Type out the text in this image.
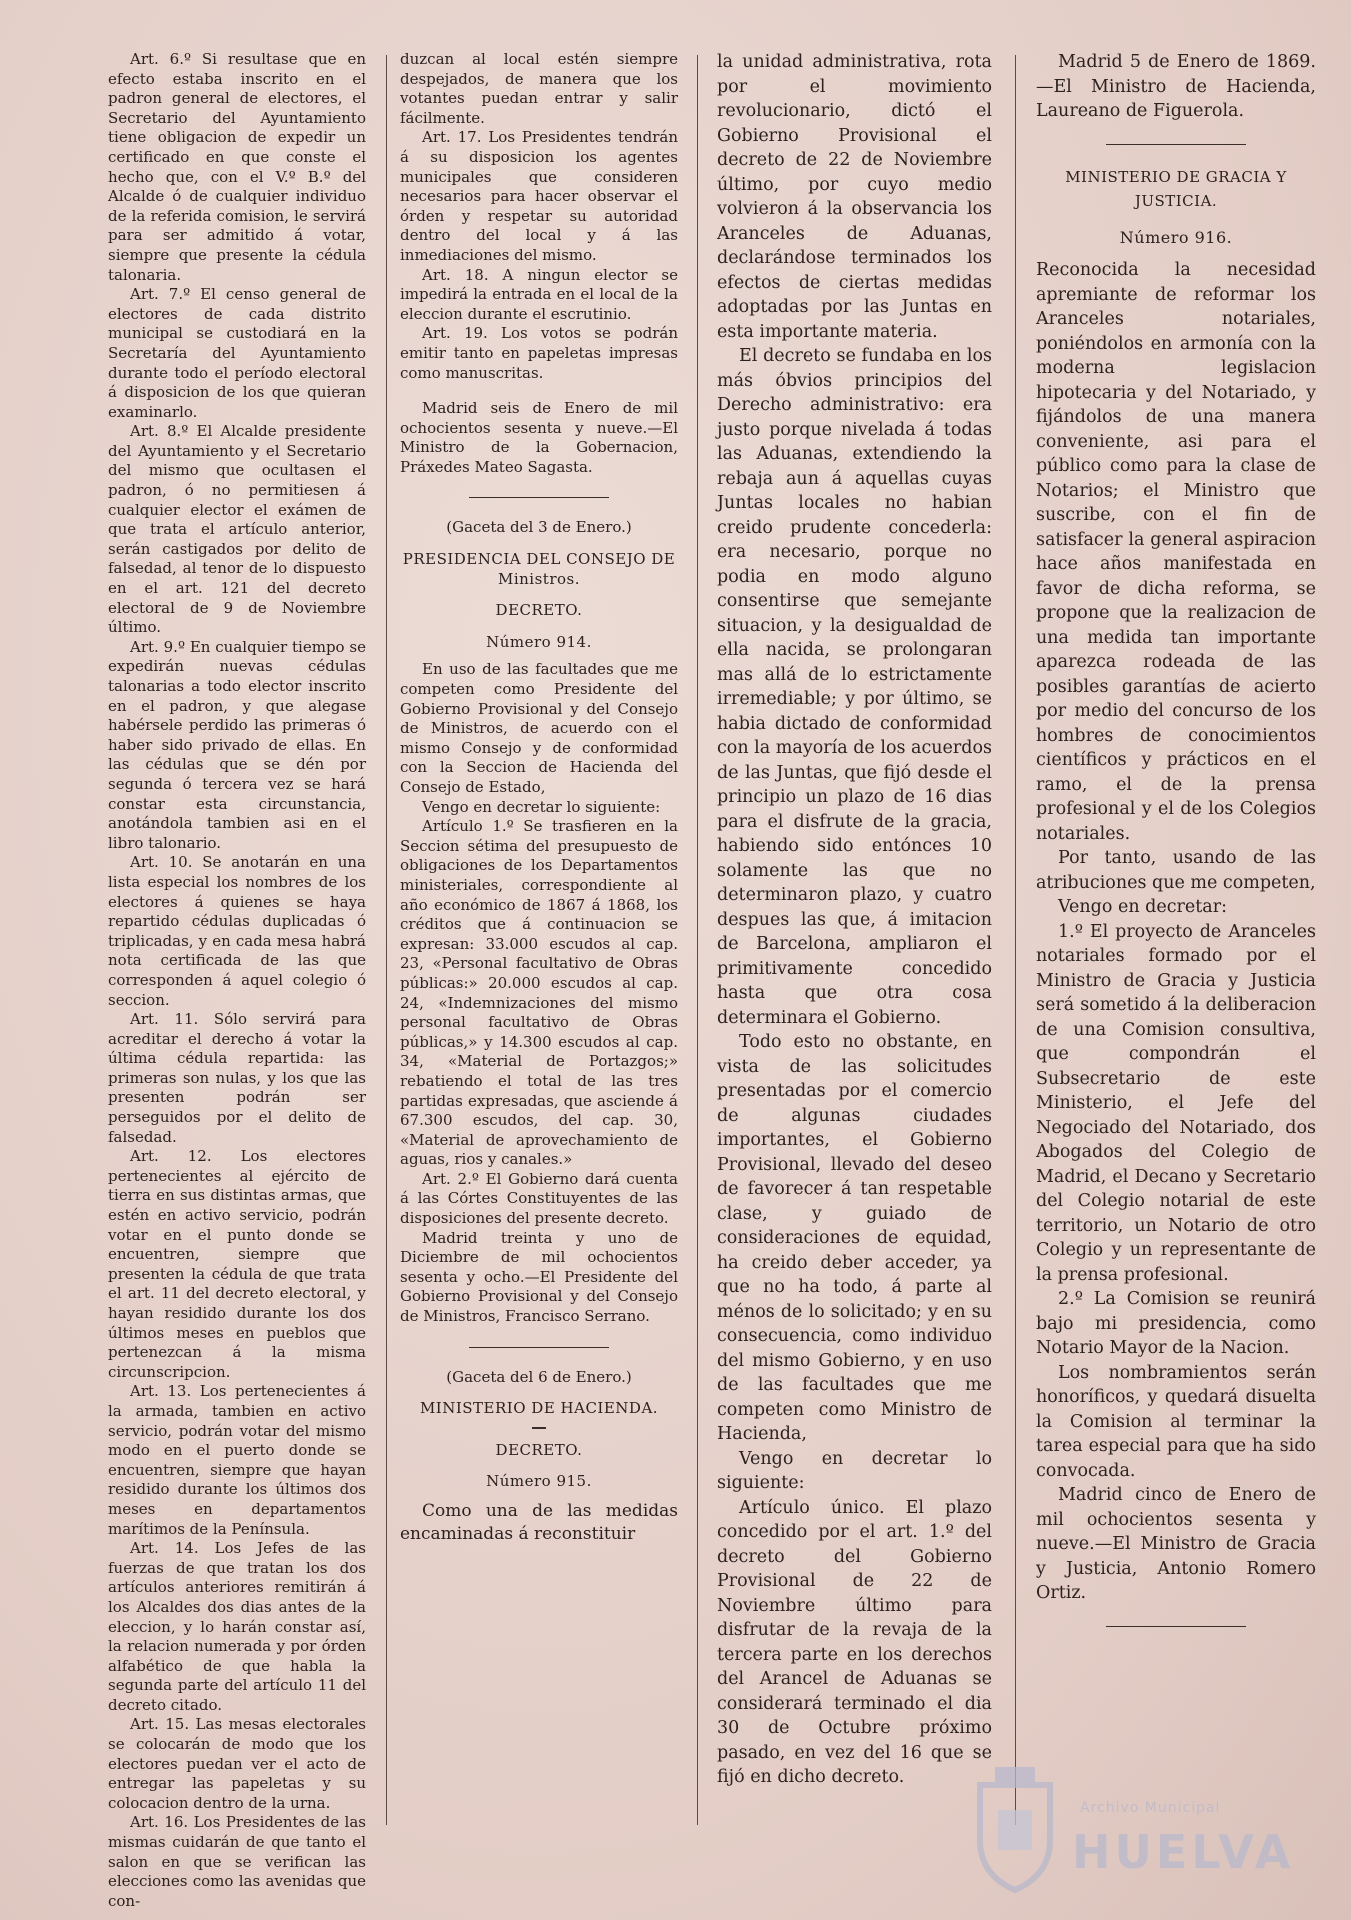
Art. 6.º Si resultase que en efecto estaba inscrito en el padron general de electores, el Secretario del Ayuntamiento tiene obligacion de expedir un certificado en que conste el hecho que, con el V.º B.º del Alcalde ó de cualquier individuo de la referida comision, le servirá para ser admitido á votar, siempre que presente la cédula talonaria.

Art. 7.º El censo general de electores de cada distrito municipal se custodiará en la Secretaría del Ayuntamiento durante todo el período electoral á disposicion de los que quieran examinarlo.

Art. 8.º El Alcalde presidente del Ayuntamiento y el Secretario del mismo que ocultasen el padron, ó no permitiesen á cualquier elector el exámen de que trata el artículo anterior, serán castigados por delito de falsedad, al tenor de lo dispuesto en el art. 121 del decreto electoral de 9 de Noviembre último.

Art. 9.º En cualquier tiempo se expedirán nuevas cédulas talonarias a todo elector inscrito en el padron, y que alegase habérsele perdido las primeras ó haber sido privado de ellas. En las cédulas que se dén por segunda ó tercera vez se hará constar esta circunstancia, anotándola tambien asi en el libro talonario.

Art. 10. Se anotarán en una lista especial los nombres de los electores á quienes se haya repartido cédulas duplicadas ó triplicadas, y en cada mesa habrá nota certificada de las que corresponden á aquel colegio ó seccion.

Art. 11. Sólo servirá para acreditar el derecho á votar la última cédula repartida: las primeras son nulas, y los que las presenten podrán ser perseguidos por el delito de falsedad.

Art. 12. Los electores pertenecientes al ejército de tierra en sus distintas armas, que estén en activo servicio, podrán votar en el punto donde se encuentren, siempre que presenten la cédula de que trata el art. 11 del decreto electoral, y hayan residido durante los dos últimos meses en pueblos que pertenezcan á la misma circunscripcion.

Art. 13. Los pertenecientes á la armada, tambien en activo servicio, podrán votar del mismo modo en el puerto donde se encuentren, siempre que hayan residido durante los últimos dos meses en departamentos marítimos de la Península.

Art. 14. Los Jefes de las fuerzas de que tratan los dos artículos anteriores remitirán á los Alcaldes dos dias antes de la eleccion, y lo harán constar así, la relacion numerada y por órden alfabético de que habla la segunda parte del artículo 11 del decreto citado.

Art. 15. Las mesas electorales se colocarán de modo que los electores puedan ver el acto de entregar las papeletas y su colocacion dentro de la urna.

Art. 16. Los Presidentes de las mismas cuidarán de que tanto el salon en que se verifican las elecciones como las avenidas que con-

duzcan al local estén siempre despejados, de manera que los votantes puedan entrar y salir fácilmente.

Art. 17. Los Presidentes tendrán á su disposicion los agentes municipales que consideren necesarios para hacer observar el órden y respetar su autoridad dentro del local y á las inmediaciones del mismo.

Art. 18. A ningun elector se impedirá la entrada en el local de la eleccion durante el escrutinio.

Art. 19. Los votos se podrán emitir tanto en papeletas impresas como manuscritas.

Madrid seis de Enero de mil ochocientos sesenta y nueve.—El Ministro de la Gobernacion, Práxedes Mateo Sagasta.

(Gaceta del 3 de Enero.)

PRESIDENCIA DEL CONSEJO DE Ministros.

DECRETO.

Número 914.

En uso de las facultades que me competen como Presidente del Gobierno Provisional y del Consejo de Ministros, de acuerdo con el mismo Consejo y de conformidad con la Seccion de Hacienda del Consejo de Estado,

Vengo en decretar lo siguiente:

Artículo 1.º Se trasfieren en la Seccion sétima del presupuesto de obligaciones de los Departamentos ministeriales, correspondiente al año económico de 1867 á 1868, los créditos que á continuacion se expresan: 33.000 escudos al cap. 23, «Personal facultativo de Obras públicas:» 20.000 escudos al cap. 24, «Indemnizaciones del mismo personal facultativo de Obras públicas,» y 14.300 escudos al cap. 34, «Material de Portazgos;» rebatiendo el total de las tres partidas expresadas, que asciende á 67.300 escudos, del cap. 30, «Material de aprovechamiento de aguas, rios y canales.»

Art. 2.º El Gobierno dará cuenta á las Córtes Constituyentes de las disposiciones del presente decreto.

Madrid treinta y uno de Diciembre de mil ochocientos sesenta y ocho.—El Presidente del Gobierno Provisional y del Consejo de Ministros, Francisco Serrano.

(Gaceta del 6 de Enero.)

MINISTERIO DE HACIENDA.

DECRETO.

Número 915.

Como una de las medidas encaminadas á reconstituir

la unidad administrativa, rota por el movimiento revolucionario, dictó el Gobierno Provisional el decreto de 22 de Noviembre último, por cuyo medio volvieron á la observancia los Aranceles de Aduanas, declarándose terminados los efectos de ciertas medidas adoptadas por las Juntas en esta importante materia.

El decreto se fundaba en los más óbvios principios del Derecho administrativo: era justo porque nivelada á todas las Aduanas, extendiendo la rebaja aun á aquellas cuyas Juntas locales no habian creido prudente concederla: era necesario, porque no podia en modo alguno consentirse que semejante situacion, y la desigualdad de ella nacida, se prolongaran mas allá de lo estrictamente irremediable; y por último, se habia dictado de conformidad con la mayoría de los acuerdos de las Juntas, que fijó desde el principio un plazo de 16 dias para el disfrute de la gracia, habiendo sido entónces 10 solamente las que no determinaron plazo, y cuatro despues las que, á imitacion de Barcelona, ampliaron el primitivamente concedido hasta que otra cosa determinara el Gobierno.

Todo esto no obstante, en vista de las solicitudes presentadas por el comercio de algunas ciudades importantes, el Gobierno Provisional, llevado del deseo de favorecer á tan respetable clase, y guiado de consideraciones de equidad, ha creido deber acceder, ya que no ha todo, á parte al ménos de lo solicitado; y en su consecuencia, como individuo del mismo Gobierno, y en uso de las facultades que me competen como Ministro de Hacienda,

Vengo en decretar lo siguiente:

Artículo único. El plazo concedido por el art. 1.º del decreto del Gobierno Provisional de 22 de Noviembre último para disfrutar de la revaja de la tercera parte en los derechos del Arancel de Aduanas se considerará terminado el dia 30 de Octubre próximo pasado, en vez del 16 que se fijó en dicho decreto.

Madrid 5 de Enero de 1869.—El Ministro de Hacienda, Laureano de Figuerola.

MINISTERIO DE GRACIA Y JUSTICIA.

Número 916.

Reconocida la necesidad apremiante de reformar los Aranceles notariales, poniéndolos en armonía con la moderna legislacion hipotecaria y del Notariado, y fijándolos de una manera conveniente, asi para el público como para la clase de Notarios; el Ministro que suscribe, con el fin de satisfacer la general aspiracion hace años manifestada en favor de dicha reforma, se propone que la realizacion de una medida tan importante aparezca rodeada de las posibles garantías de acierto por medio del concurso de los hombres de conocimientos científicos y prácticos en el ramo, el de la prensa profesional y el de los Colegios notariales.

Por tanto, usando de las atribuciones que me competen,

Vengo en decretar:

1.º El proyecto de Aranceles notariales formado por el Ministro de Gracia y Justicia será sometido á la deliberacion de una Comision consultiva, que compondrán el Subsecretario de este Ministerio, el Jefe del Negociado del Notariado, dos Abogados del Colegio de Madrid, el Decano y Secretario del Colegio notarial de este territorio, un Notario de otro Colegio y un representante de la prensa profesional.

2.º La Comision se reunirá bajo mi presidencia, como Notario Mayor de la Nacion.

Los nombramientos serán honoríficos, y quedará disuelta la Comision al terminar la tarea especial para que ha sido convocada.

Madrid cinco de Enero de mil ochocientos sesenta y nueve.—El Ministro de Gracia y Justicia, Antonio Romero Ortiz.

Archivo Municipal
HUELVA
